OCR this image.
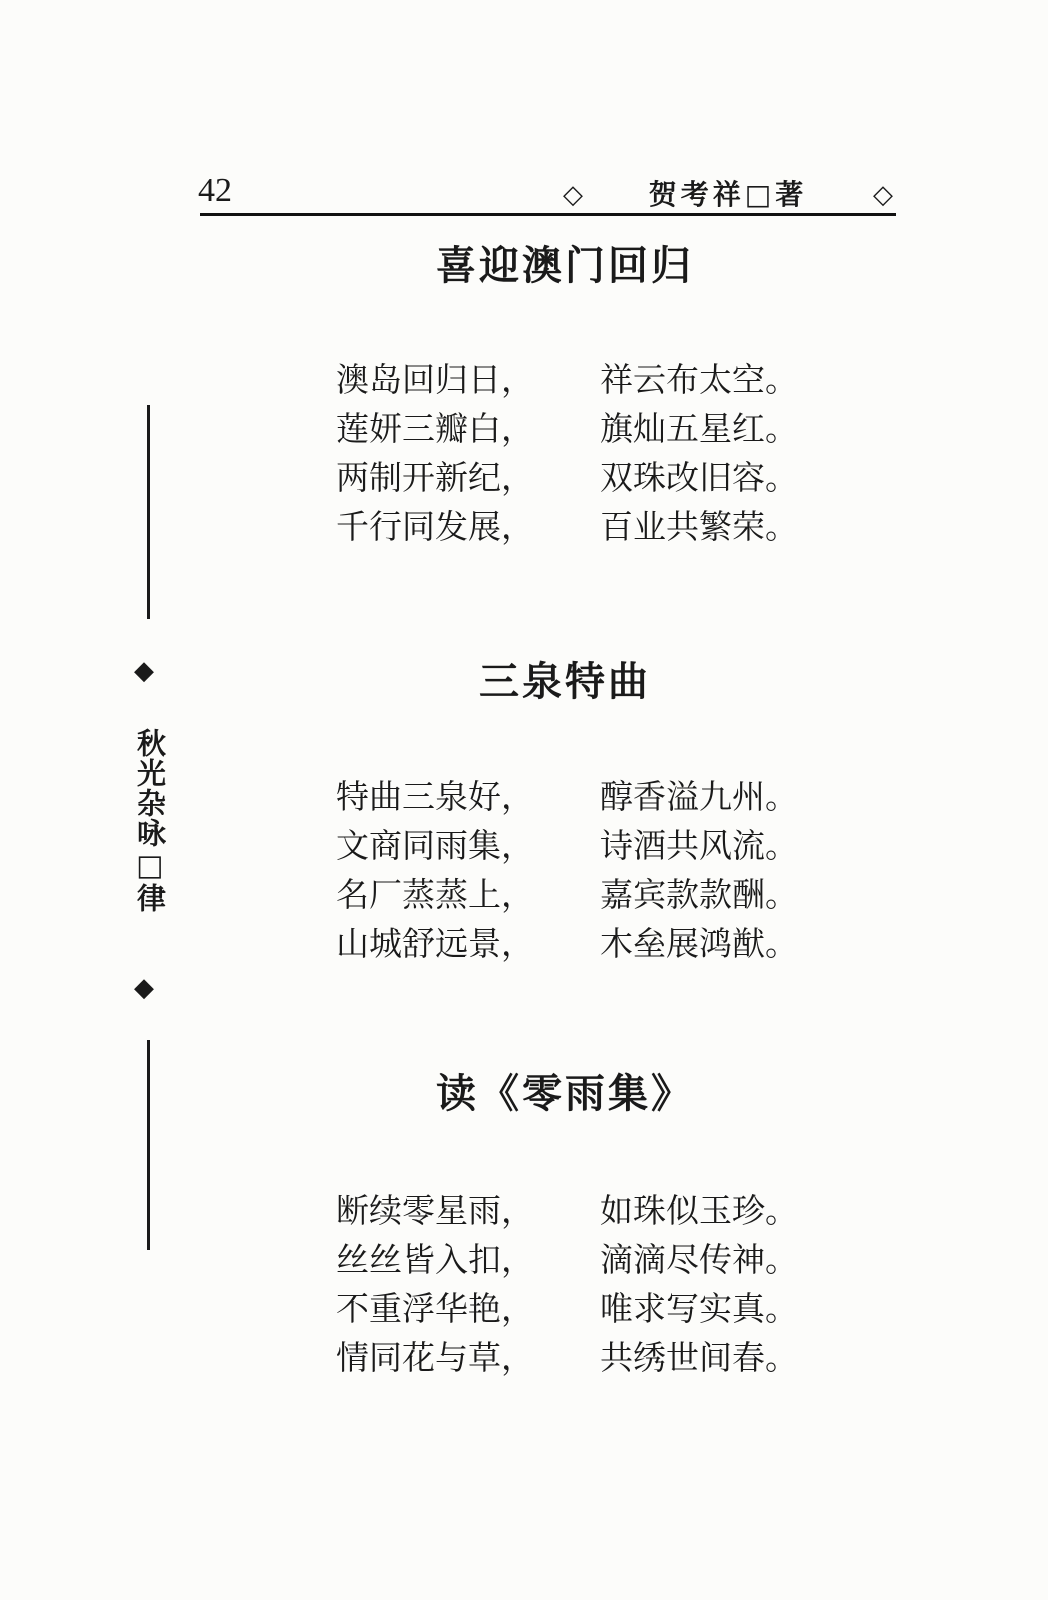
42	◇ 贺考祥□著	◇
◆
秋光杂咏□律
◆
喜迎澳门回归
澳岛回归日，	祥云布太空。
莲妍三瓣白，	旗灿五星红。
两制开新纪，	双珠改旧容。
千行同发展，	百业共繁荣。
三泉特曲
特曲三泉好，	醇香溢九州。
文商同雨集，	诗酒共风流。
名厂蒸蒸上，	嘉宾款款酬。
山城舒远景，	木垒展鸿猷。
读《零雨集》
断续零星雨，	如珠似玉珍。
丝丝皆入扣，	滴滴尽传神。
不重浮华艳，	唯求写实真。
情同花与草，	共绣世间春。
